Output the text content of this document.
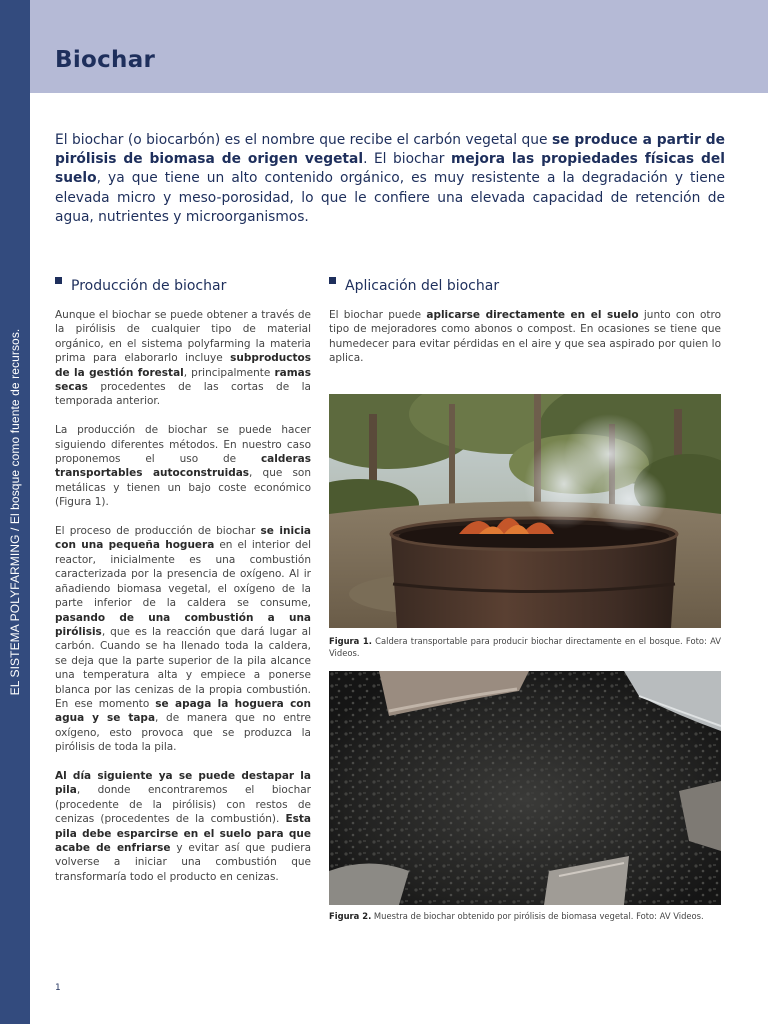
EL SISTEMA POLYFARMING / El bosque como fuente de recursos.
Biochar

El biochar (o biocarbón) es el nombre que recibe el carbón vegetal que se produce a partir de pirólisis de biomasa de origen vegetal. El biochar mejora las propiedades físicas del suelo, ya que tiene un alto contenido orgánico, es muy resistente a la degradación y tiene elevada micro y meso-porosidad, lo que le confiere una elevada capacidad de retención de agua, nutrientes y microorganismos.

Producción de biochar	Aplicación del biochar

Aunque el biochar se puede obtener a través de la pirólisis de cualquier tipo de material orgánico, en el sistema polyfarming la materia prima para elaborarlo incluye subproductos de la gestión forestal, principalmente ramas secas procedentes de las cortas de la temporada anterior.

La producción de biochar se puede hacer siguiendo diferentes métodos. En nuestro caso proponemos el uso de calderas transportables autoconstruidas, que son metálicas y tienen un bajo coste económico (Figura 1).

El proceso de producción de biochar se inicia con una pequeña hoguera en el interior del reactor, inicialmente es una combustión caracterizada por la presencia de oxígeno. Al ir añadiendo biomasa vegetal, el oxígeno de la parte inferior de la caldera se consume, pasando de una combustión a una pirólisis, que es la reacción que dará lugar al carbón. Cuando se ha llenado toda la caldera, se deja que la parte superior de la pila alcance una temperatura alta y empiece a ponerse blanca por las cenizas de la propia combustión. En ese momento se apaga la hoguera con agua y se tapa, de manera que no entre oxígeno, esto provoca que se produzca la pirólisis de toda la pila.

Al día siguiente ya se puede destapar la pila, donde encontraremos el biochar (procedente de la pirólisis) con restos de cenizas (procedentes de la combustión). Esta pila debe esparcirse en el suelo para que acabe de enfriarse y evitar así que pudiera volverse a iniciar una combustión que transformaría todo el producto en cenizas.

El biochar puede aplicarse directamente en el suelo junto con otro tipo de mejoradores como abonos o compost. En ocasiones se tiene que humedecer para evitar pérdidas en el aire y que sea aspirado por quien lo aplica.

Figura 1. Caldera transportable para producir biochar directamente en el bosque. Foto: AV Videos.

Figura 2. Muestra de biochar obtenido por pirólisis de biomasa vegetal. Foto: AV Videos.

1
